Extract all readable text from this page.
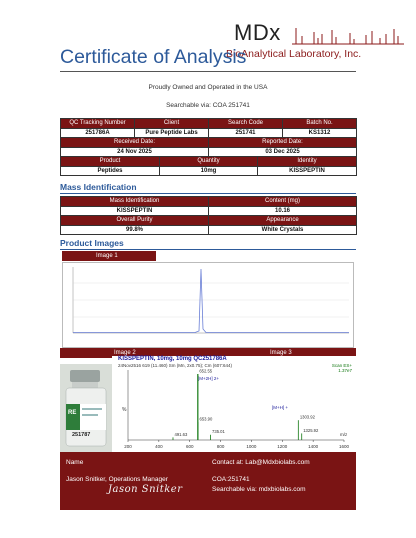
MDx
BioAnalytical Laboratory, Inc.
Certificate of Analysis
Proudly Owned and Operated in the USA
Searchable via: COA 251741
QC Tracking Number	Client	Search Code	Batch No.
251786A	Pure Peptide Labs	251741	KS1312
Received Date:		Reported Date:	
24 Nov 2025		03 Dec 2025	
Product	Quantity	Identity
Peptides	10mg	KISSPEPTIN
Mass Identification
Mass Identification	Content (mg)
KISSPEPTIN	10.16
Overall Purity	Appearance
99.8%	White Crystals
Product Images
Image 1
Image 2	Image 3
RE
251787
KISSPEPTIN, 10mg, 10mg QC251786A
24Nov2516 619 (11.460) Sm (Mn, 2x0.75); Cm (607:644)	Scan ES+
1.37e7
%
m/z
[M+2H] 2+
[M+H] +
491.63
652.55
653.90
735.01
1303.92
1325.92
200	400	600	800	1000	1200	1400	1600
Name
Jason Snitker, Operations Manager
Jason Snitker
Contact at: Lab@Mdxbiolabs.com
COA:251741
Searchable via: mdxbiolabs.com
